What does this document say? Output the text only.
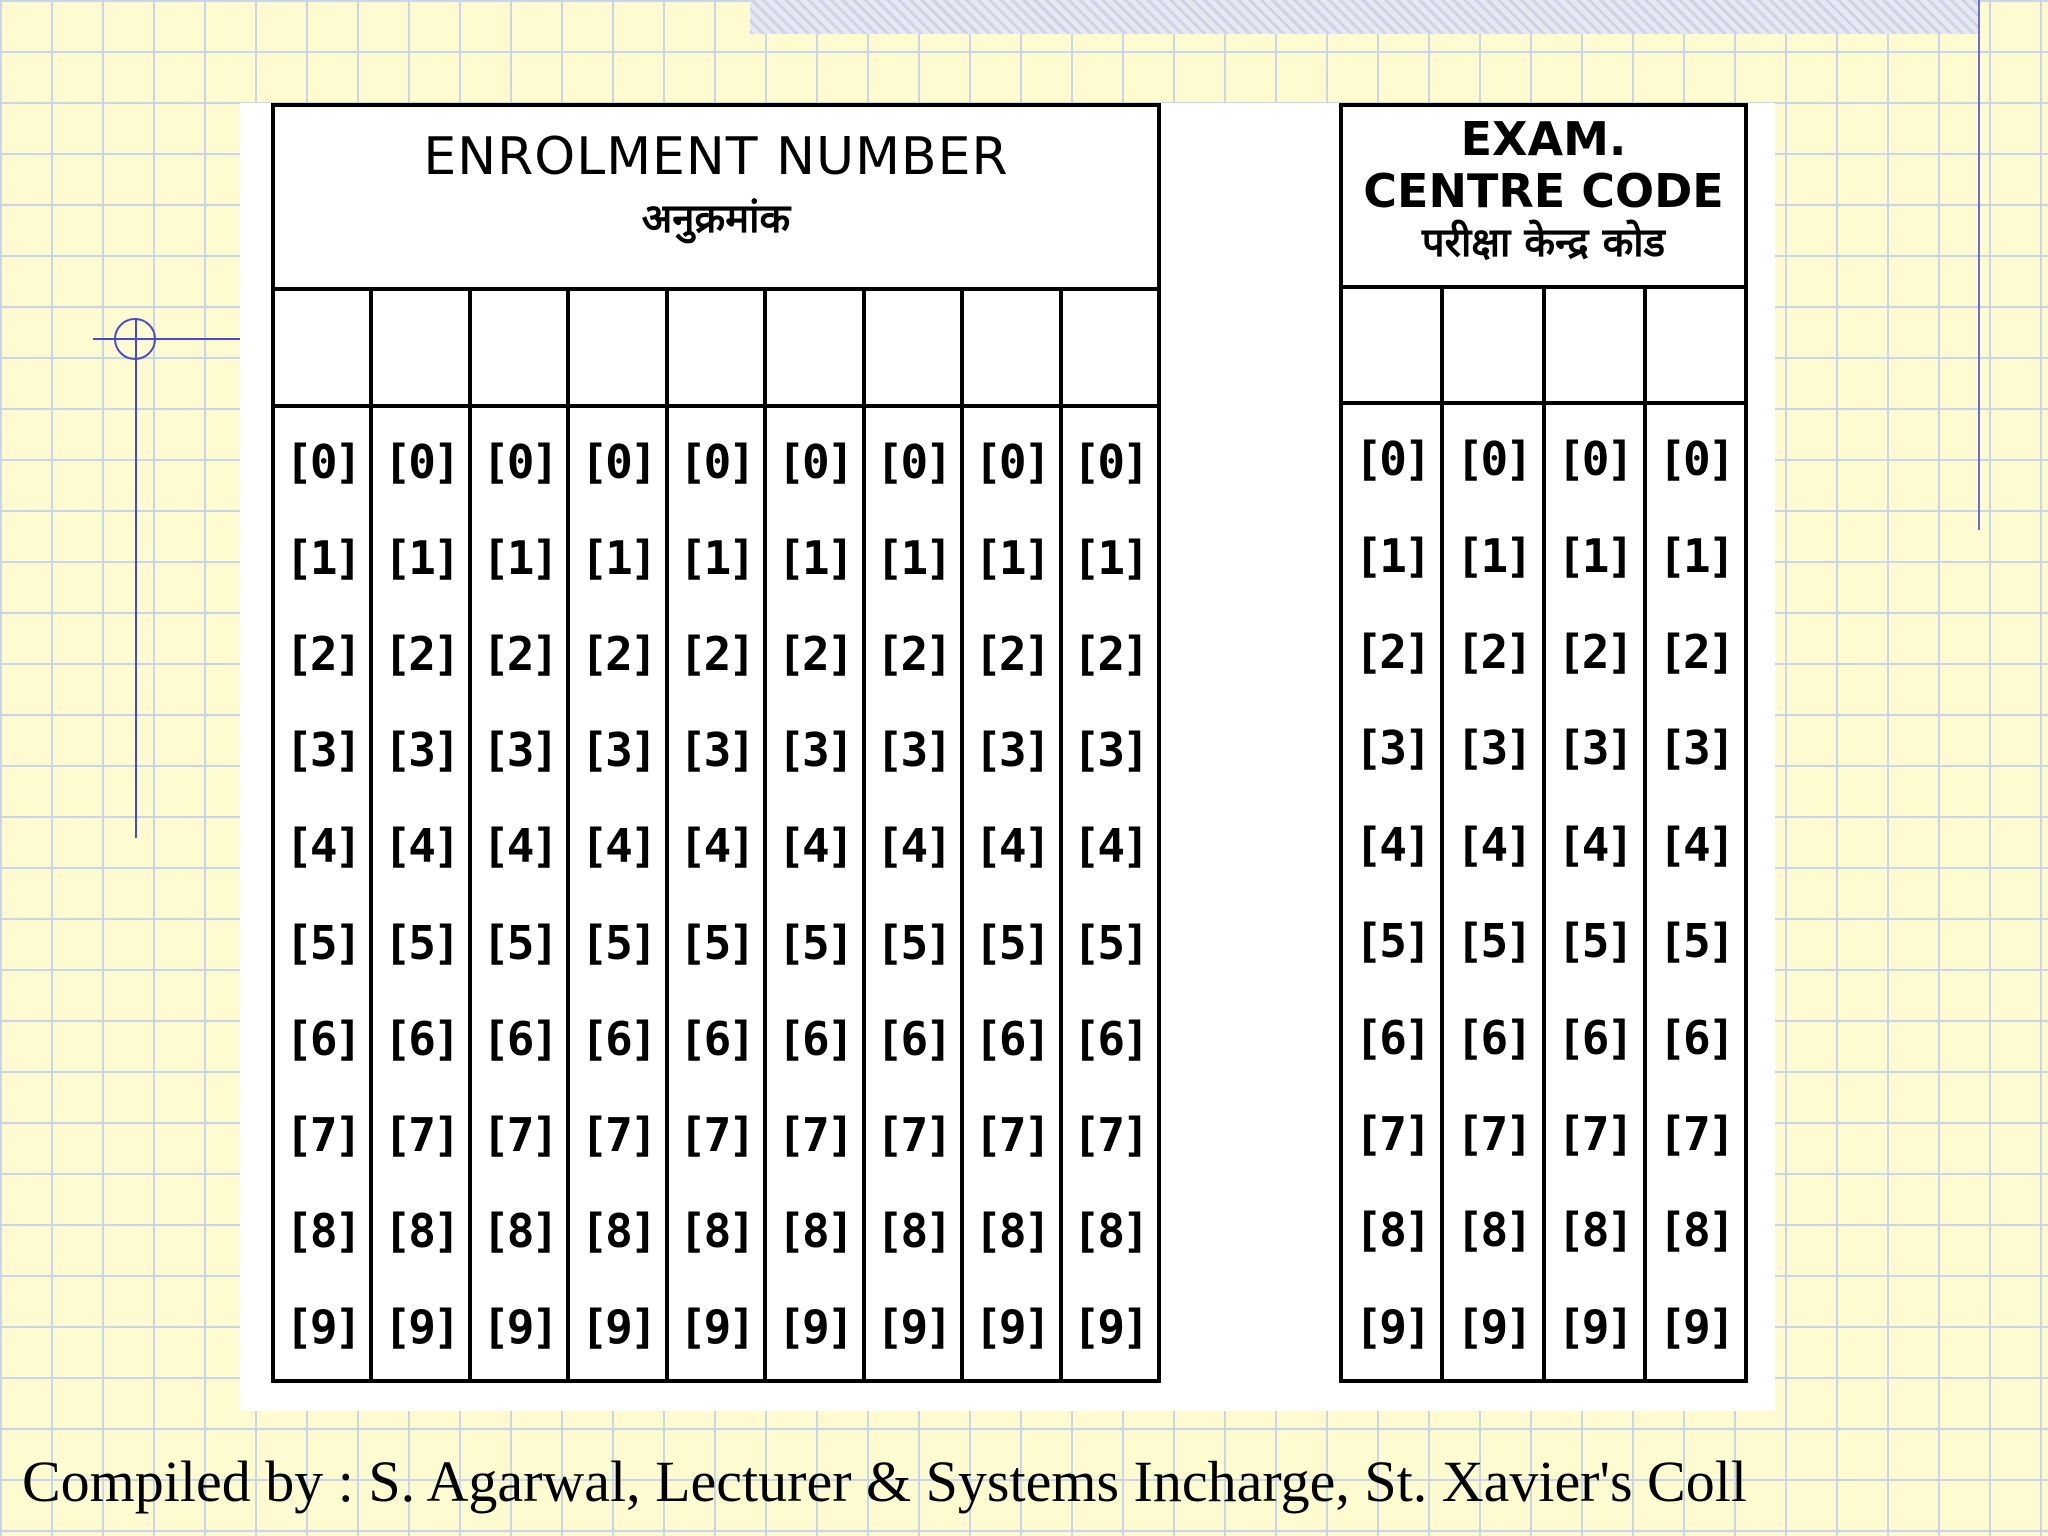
ENROLMENT NUMBER
अनुक्रमांक
[0]
[1]
[2]
[3]
[4]
[5]
[6]
[7]
[8]
[9]
[0]
[1]
[2]
[3]
[4]
[5]
[6]
[7]
[8]
[9]
[0]
[1]
[2]
[3]
[4]
[5]
[6]
[7]
[8]
[9]
[0]
[1]
[2]
[3]
[4]
[5]
[6]
[7]
[8]
[9]
[0]
[1]
[2]
[3]
[4]
[5]
[6]
[7]
[8]
[9]
[0]
[1]
[2]
[3]
[4]
[5]
[6]
[7]
[8]
[9]
[0]
[1]
[2]
[3]
[4]
[5]
[6]
[7]
[8]
[9]
[0]
[1]
[2]
[3]
[4]
[5]
[6]
[7]
[8]
[9]
[0]
[1]
[2]
[3]
[4]
[5]
[6]
[7]
[8]
[9]
EXAM.
CENTRE CODE
परीक्षा केन्द्र कोड
[0]
[1]
[2]
[3]
[4]
[5]
[6]
[7]
[8]
[9]
[0]
[1]
[2]
[3]
[4]
[5]
[6]
[7]
[8]
[9]
[0]
[1]
[2]
[3]
[4]
[5]
[6]
[7]
[8]
[9]
[0]
[1]
[2]
[3]
[4]
[5]
[6]
[7]
[8]
[9]
Compiled by : S. Agarwal, Lecturer & Systems Incharge, St. Xavier's Coll
